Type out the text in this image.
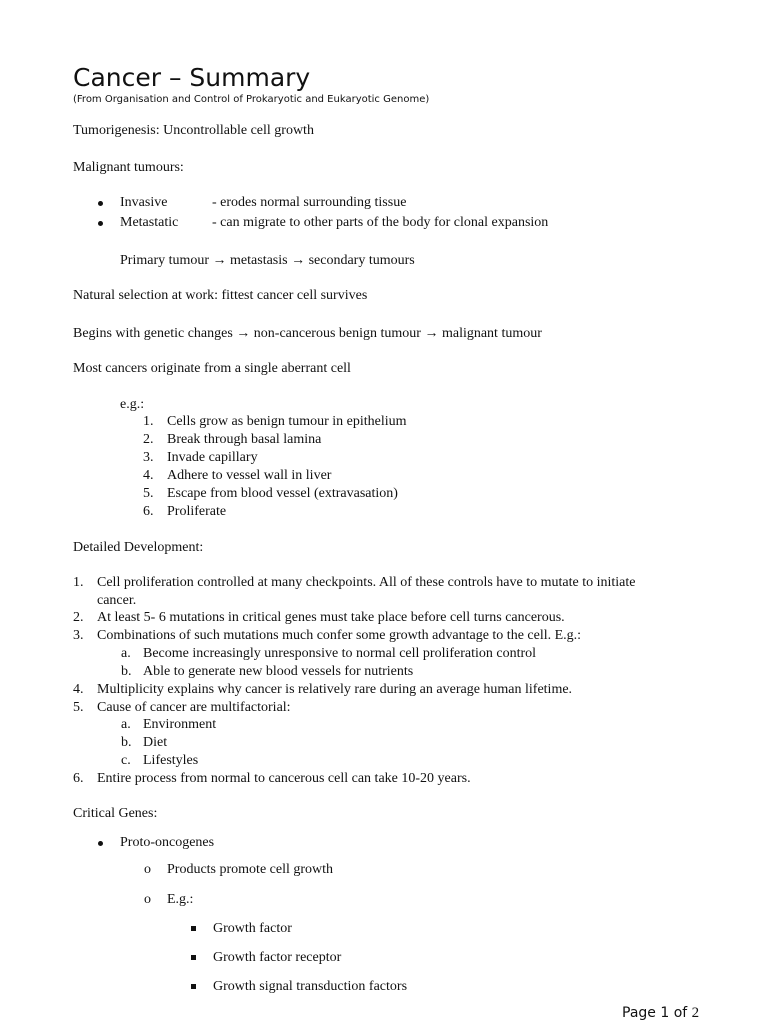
Cancer – Summary
(From Organisation and Control of Prokaryotic and Eukaryotic Genome)
Tumorigenesis: Uncontrollable cell growth
Malignant tumours:
Invasive	- erodes normal surrounding tissue
Metastatic - can migrate to other parts of the body for clonal expansion
Primary tumour → metastasis → secondary tumours
Natural selection at work: fittest cancer cell survives
Begins with genetic changes → non-cancerous benign tumour → malignant tumour
Most cancers originate from a single aberrant cell
e.g.:
1. Cells grow as benign tumour in epithelium
2. Break through basal lamina
3. Invade capillary
4. Adhere to vessel wall in liver
5. Escape from blood vessel (extravasation)
6. Proliferate
Detailed Development:
1. Cell proliferation controlled at many checkpoints. All of these controls have to mutate to initiate
cancer.
2. At least 5- 6 mutations in critical genes must take place before cell turns cancerous.
3. Combinations of such mutations much confer some growth advantage to the cell. E.g.:
a. Become increasingly unresponsive to normal cell proliferation control
b. Able to generate new blood vessels for nutrients
4. Multiplicity explains why cancer is relatively rare during an average human lifetime.
5. Cause of cancer are multifactorial:
a. Environment
b. Diet
c. Lifestyles
6. Entire process from normal to cancerous cell can take 10-20 years.
Critical Genes:
Proto-oncogenes
o Products promote cell growth
o E.g.:
Growth factor
Growth factor receptor
Growth signal transduction factors
Page 1 of 2
